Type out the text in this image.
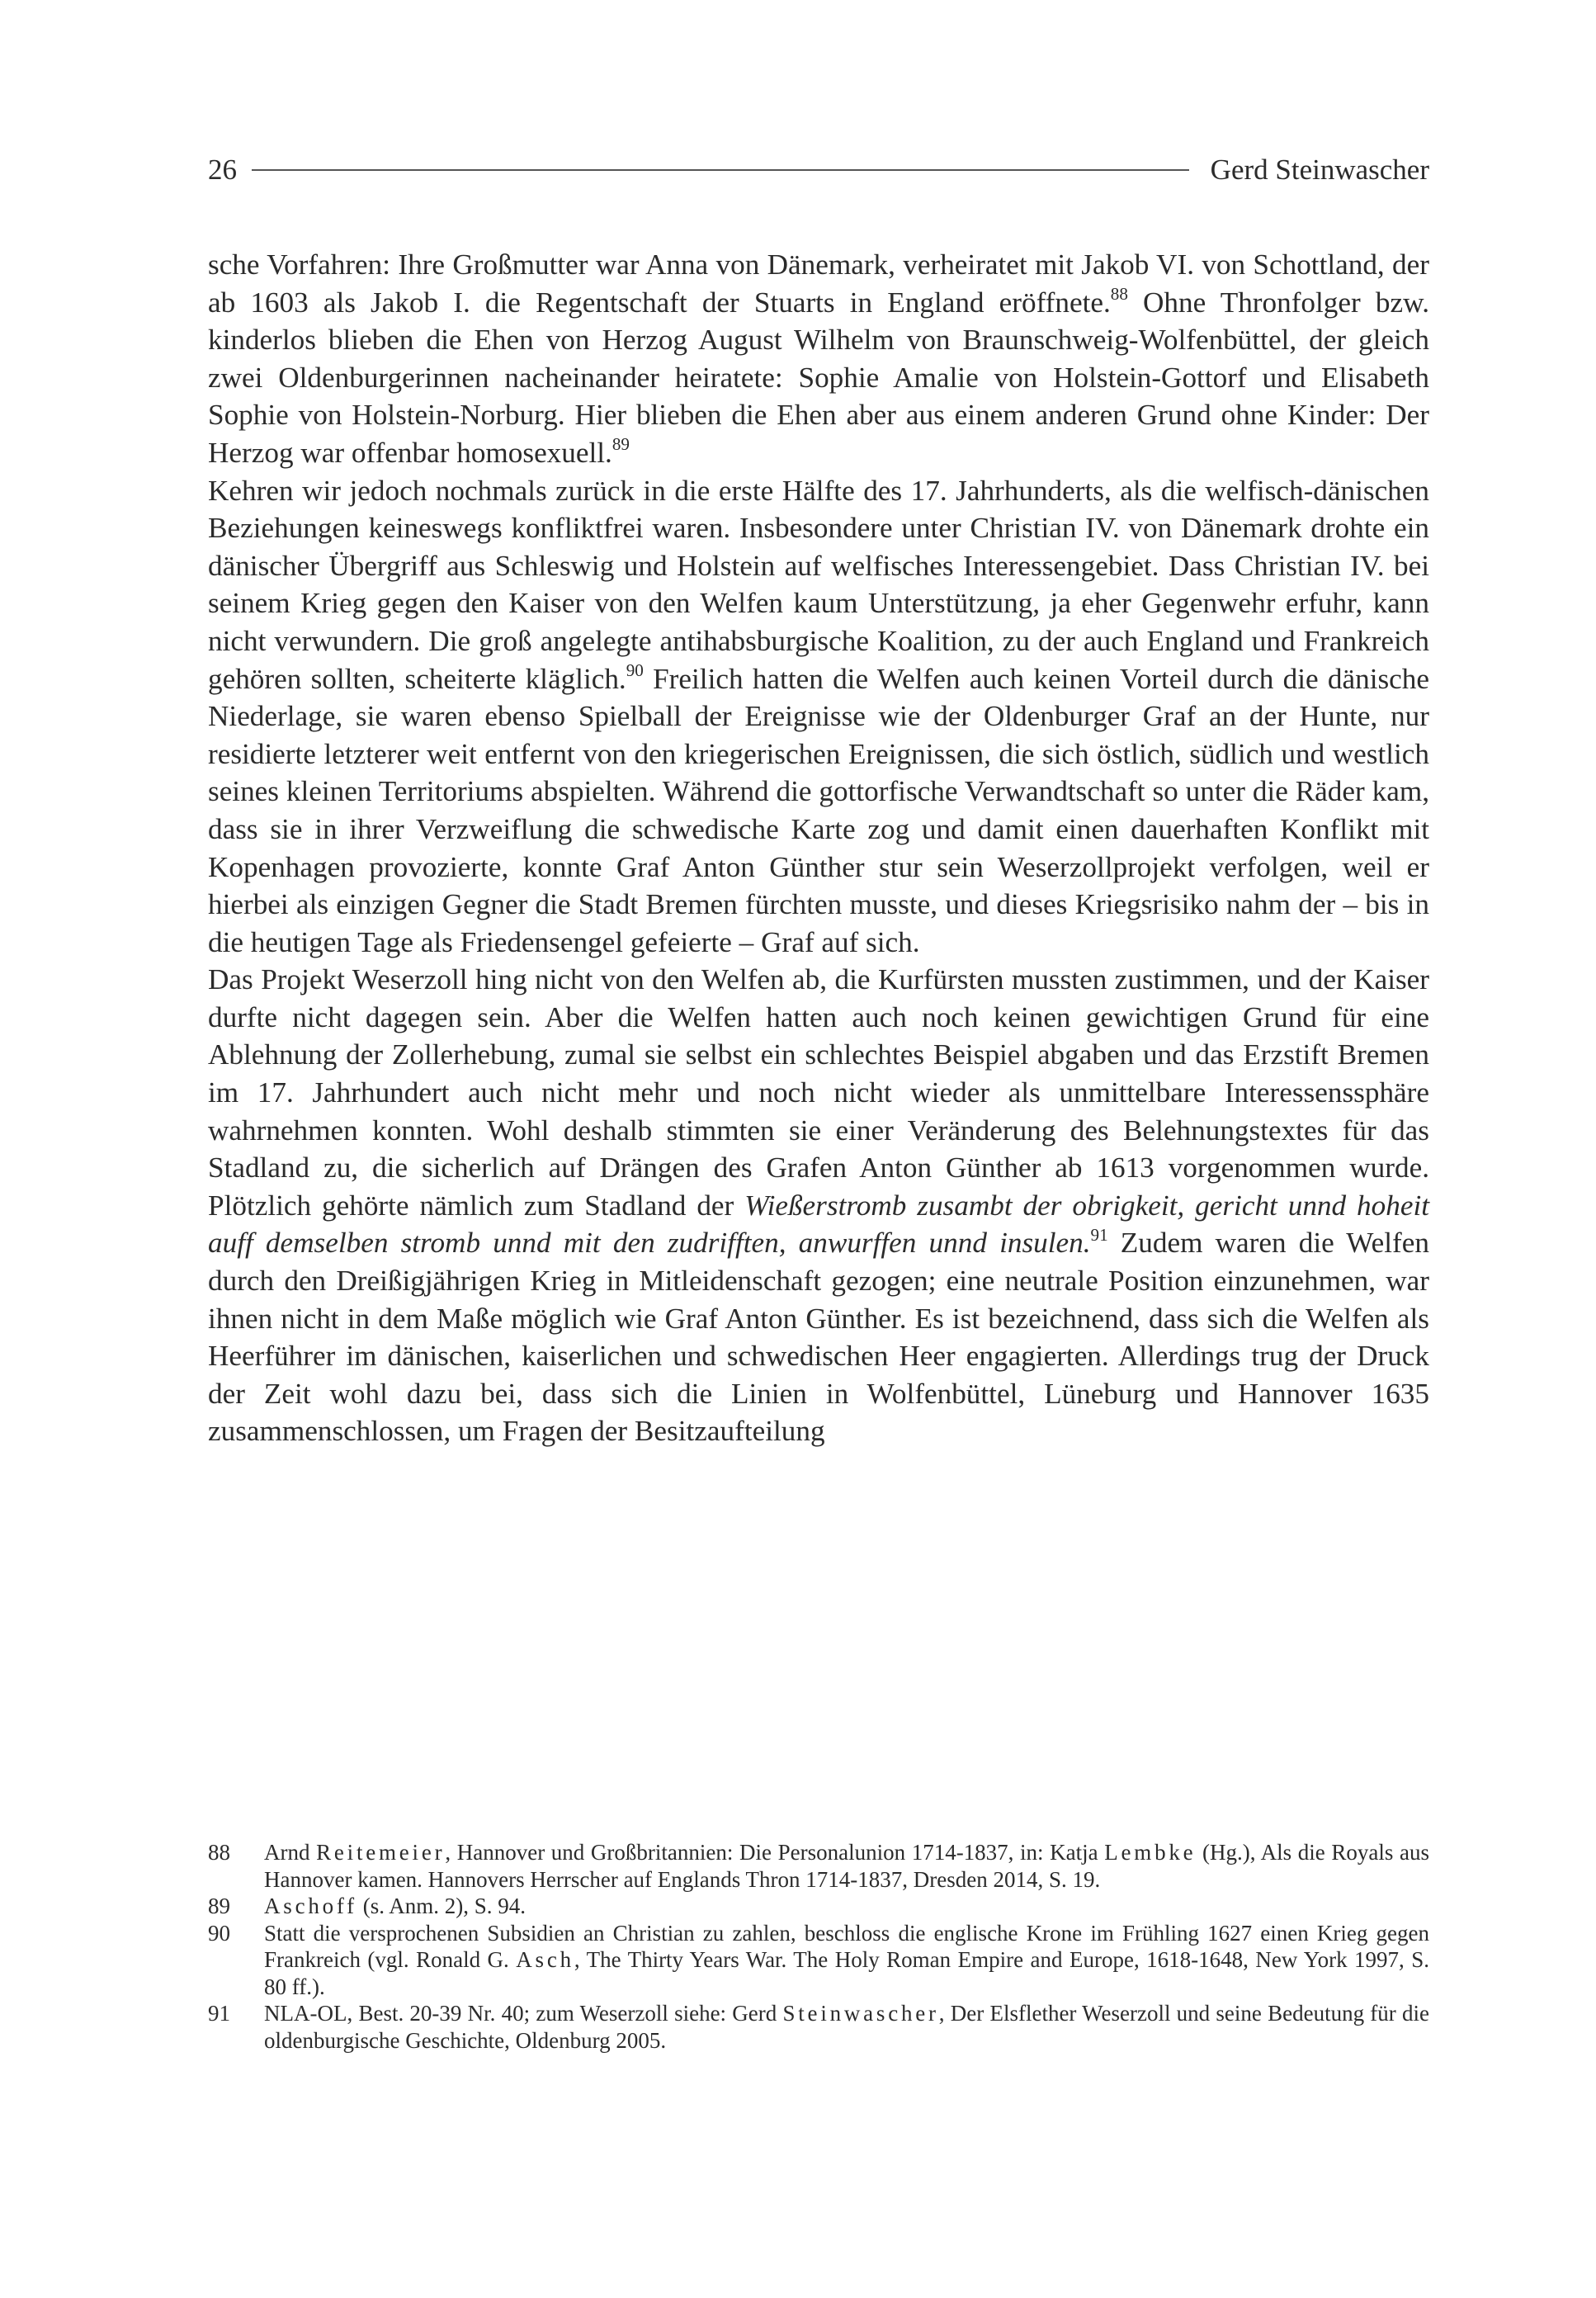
26	Gerd Steinwascher

sche Vorfahren: Ihre Großmutter war Anna von Dänemark, verheiratet mit Jakob VI. von Schottland, der ab 1603 als Jakob I. die Regentschaft der Stuarts in England eröffnete.$^{88}$ Ohne Thronfolger bzw. kinderlos blieben die Ehen von Herzog August Wilhelm von Braunschweig-Wolfenbüttel, der gleich zwei Oldenburgerinnen nacheinander heiratete: Sophie Amalie von Holstein-Gottorf und Elisabeth Sophie von Holstein-Norburg. Hier blieben die Ehen aber aus einem anderen Grund ohne Kinder: Der Herzog war offenbar homosexuell.$^{89}$

Kehren wir jedoch nochmals zurück in die erste Hälfte des 17. Jahrhunderts, als die welfisch-dänischen Beziehungen keineswegs konfliktfrei waren. Insbesondere unter Christian IV. von Dänemark drohte ein dänischer Übergriff aus Schleswig und Holstein auf welfisches Interessengebiet. Dass Christian IV. bei seinem Krieg gegen den Kaiser von den Welfen kaum Unterstützung, ja eher Gegenwehr erfuhr, kann nicht verwundern. Die groß angelegte antihabsburgische Koalition, zu der auch England und Frankreich gehören sollten, scheiterte kläglich.$^{90}$ Freilich hatten die Welfen auch keinen Vorteil durch die dänische Niederlage, sie waren ebenso Spielball der Ereignisse wie der Oldenburger Graf an der Hunte, nur residierte letzterer weit entfernt von den kriegerischen Ereignissen, die sich östlich, südlich und westlich seines kleinen Territoriums abspielten. Während die gottorfische Verwandtschaft so unter die Räder kam, dass sie in ihrer Verzweiflung die schwedische Karte zog und damit einen dauerhaften Konflikt mit Kopenhagen provozierte, konnte Graf Anton Günther stur sein Weserzollprojekt verfolgen, weil er hierbei als einzigen Gegner die Stadt Bremen fürchten musste, und dieses Kriegsrisiko nahm der – bis in die heutigen Tage als Friedensengel gefeierte – Graf auf sich.

Das Projekt Weserzoll hing nicht von den Welfen ab, die Kurfürsten mussten zustimmen, und der Kaiser durfte nicht dagegen sein. Aber die Welfen hatten auch noch keinen gewichtigen Grund für eine Ablehnung der Zollerhebung, zumal sie selbst ein schlechtes Beispiel abgaben und das Erzstift Bremen im 17. Jahrhundert auch nicht mehr und noch nicht wieder als unmittelbare Interessenssphäre wahrnehmen konnten. Wohl deshalb stimmten sie einer Veränderung des Belehnungstextes für das Stadland zu, die sicherlich auf Drängen des Grafen Anton Günther ab 1613 vorgenommen wurde. Plötzlich gehörte nämlich zum Stadland der Wießerstromb zusambt der obrigkeit, gericht unnd hoheit auff demselben stromb unnd mit den zudrifften, anwurffen unnd insulen.$^{91}$ Zudem waren die Welfen durch den Dreißigjährigen Krieg in Mitleidenschaft gezogen; eine neutrale Position einzunehmen, war ihnen nicht in dem Maße möglich wie Graf Anton Günther. Es ist bezeichnend, dass sich die Welfen als Heerführer im dänischen, kaiserlichen und schwedischen Heer engagierten. Allerdings trug der Druck der Zeit wohl dazu bei, dass sich die Linien in Wolfenbüttel, Lüneburg und Hannover 1635 zusammenschlossen, um Fragen der Besitzaufteilung

88	Arnd Reitemeier, Hannover und Großbritannien: Die Personalunion 1714-1837, in: Katja Lembke (Hg.), Als die Royals aus Hannover kamen. Hannovers Herrscher auf Englands Thron 1714-1837, Dresden 2014, S. 19.
89	Aschoff (s. Anm. 2), S. 94.
90	Statt die versprochenen Subsidien an Christian zu zahlen, beschloss die englische Krone im Frühling 1627 einen Krieg gegen Frankreich (vgl. Ronald G. Asch, The Thirty Years War. The Holy Roman Empire and Europe, 1618-1648, New York 1997, S. 80 ff.).
91	NLA-OL, Best. 20-39 Nr. 40; zum Weserzoll siehe: Gerd Steinwascher, Der Elsflether Weserzoll und seine Bedeutung für die oldenburgische Geschichte, Oldenburg 2005.
